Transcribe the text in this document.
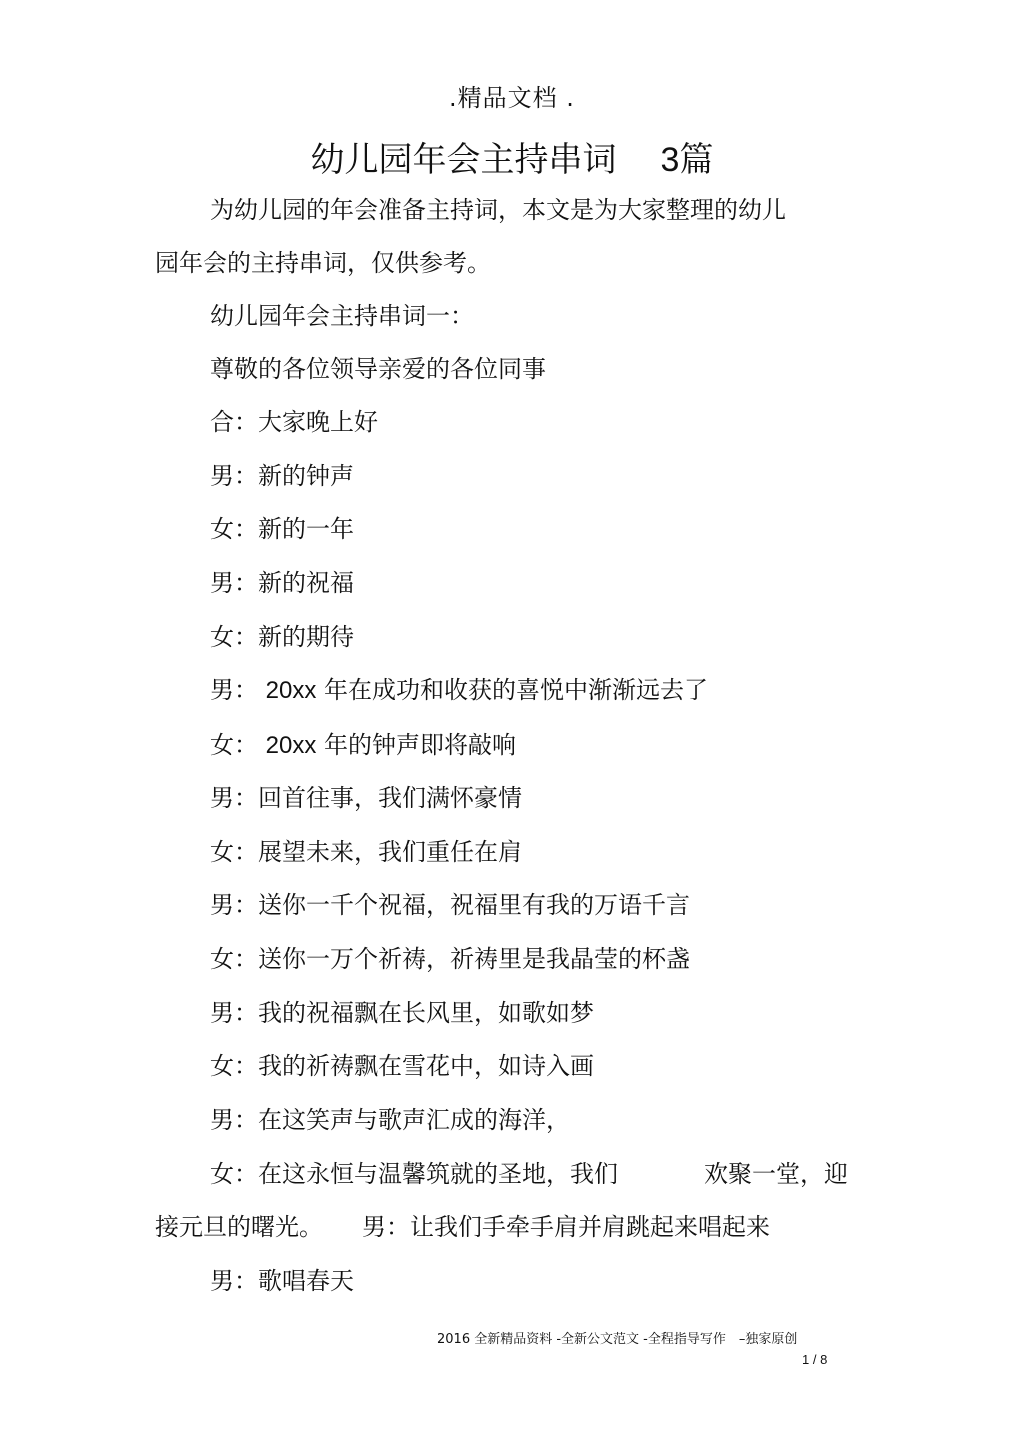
.精品文档 .
幼儿园年会主持串词 3篇
为幼儿园的年会准备主持词，本文是为大家整理的幼儿
园年会的主持串词，仅供参考。
幼儿园年会主持串词一：
尊敬的各位领导亲爱的各位同事
合：大家晚上好
男：新的钟声
女：新的一年
男：新的祝福
女：新的期待
男： 20xx 年在成功和收获的喜悦中渐渐远去了
女： 20xx 年的钟声即将敲响
男：回首往事，我们满怀豪情
女：展望未来，我们重任在肩
男：送你一千个祝福，祝福里有我的万语千言
女：送你一万个祈祷，祈祷里是我晶莹的杯盏
男：我的祝福飘在长风里，如歌如梦
女：我的祈祷飘在雪花中，如诗入画
男：在这笑声与歌声汇成的海洋，
女：在这永恒与温馨筑就的圣地，我们	欢聚一堂，迎
接元旦的曙光。 男：让我们手牵手肩并肩跳起来唱起来
男：歌唱春天
2016 全新精品资料 -全新公文范文 -全程指导写作　–独家原创
1 / 8
